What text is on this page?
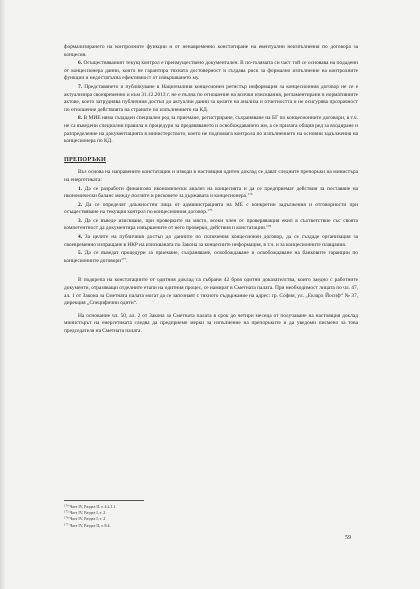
формализирането на контролните функции и от ненавременно констатиране на евентуални неизпълнения по договора за концесия.

6. Осъществяваният текущ контрол е преимуществено документален. В по-голямата си част той се основава на подадени от концесионера данни, които не гарантира тяхната достоверност и създава риск за формално изпълнение на контролните функции и недостатъчна ефективност от извършването му.

7. Представянето и публикуване в Националния концесионен регистър информация за концесионния договор не се е актуализира своевременно и към 31.12.2013 г. не е пълна по отношение на всички изисквания, регламентирани в нормативните актове, което затруднява публичния достъп до актуални данни за целите на анализа и отчетността и не осигурява прозрачност по отношение действията на страните по изпълнението на КД.

8. В МИЕ няма създаден специален ред за приемане, регистриране, съхраняване на БГ по концесионните договори, в т.ч. не са въведени специални правила и процедури за предявяването и освобождаването им, а се прилага общия ред за входиране и разпределение на документацията в министерството, което не подпомага контрола по изпълнението на основни задължения на концесионера по КД.

ПРЕПОРЪКИ

Въз основа на направените констатации и изводи в настоящия одитен доклад се дават следните препоръки на министъра на енергетиката:

1. Да се разработи финансово икономически анализ на концесията и да се предприемат действия за поставяне на икономически баланс между ползите и рисковете за държавата и концесионера.$^{174}$

2. Да се определят длъжностни лица от администрацията на МЕ с конкретни задължения и отговорности при осъществяване на текущия контрол по концесионния договор.$^{175}$

3. Да се въведе изискване, при проверките на място, всеки член от проверяващия екип в съответствие със своята компетентност да документира извършените от него проверки, действия и констатации.$^{176}$

4. За целите на публичния достъп до данните по сключения концесионен договор, да се създаде организация за своевременно изпращане в НКР на изискваната по Закона за концесиите информация, в т.ч. и за концесионните плащания.

5. Да се въведат процедури за приемане, съхраняване, освобождаване и освобождаване на банковите гаранции по концесионните договори$^{177}$.

В подкрепа на констатациите от одитния доклад са събрани 42 броя одитни доказателства, които заедно с работните документи, отразяващи отделните етапи на одитния процес, се намират в Сметната палата. При необходимост лицата по чл. 47, ал. 1 от Закона за Сметната палата могат да се запознаят с тяхното съдържание на адрес: гр. София, ул. „Екзарх Йосиф“ № 37, дирекция „Специфични одити“.

На основание чл. 50, ал. 2 от Закона за Сметната палата в срок до четири месеца от получаване на настоящия доклад министърът на енергетиката следва да предприеме мерки за изпълнение на препоръките и да уведоми писмено за това председателя на Сметната палата.

$^{174}$ Част IV, Раздел II, т. 4.2.1.1.
$^{175}$ Част IV, Раздел I, т. 2
$^{176}$ Част IV, Раздел I, т. 2
$^{177}$ Част IV, Раздел II, т. 8.4.
59
